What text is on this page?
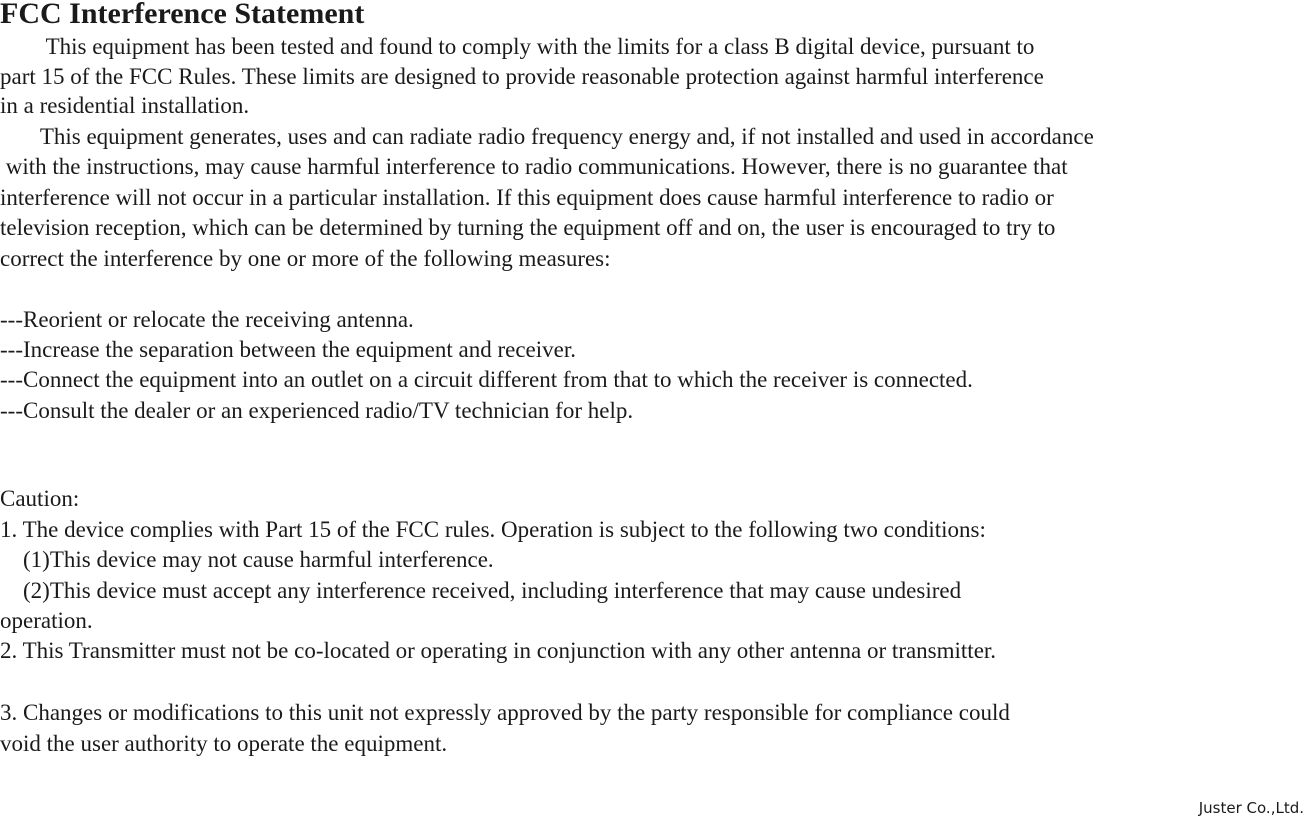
FCC Interference Statement
This equipment has been tested and found to comply with the limits for a class B digital device, pursuant to
part 15 of the FCC Rules. These limits are designed to provide reasonable protection against harmful interference
in a residential installation.
This equipment generates, uses and can radiate radio frequency energy and, if not installed and used in accordance
with the instructions, may cause harmful interference to radio communications. However, there is no guarantee that
interference will not occur in a particular installation. If this equipment does cause harmful interference to radio or
television reception, which can be determined by turning the equipment off and on, the user is encouraged to try to
correct the interference by one or more of the following measures:
---Reorient or relocate the receiving antenna.
---Increase the separation between the equipment and receiver.
---Connect the equipment into an outlet on a circuit different from that to which the receiver is connected.
---Consult the dealer or an experienced radio/TV technician for help.
Caution:
1. The device complies with Part 15 of the FCC rules. Operation is subject to the following two conditions:
(1)This device may not cause harmful interference.
(2)This device must accept any interference received, including interference that may cause undesired
operation.
2. This Transmitter must not be co-located or operating in conjunction with any other antenna or transmitter.
3. Changes or modifications to this unit not expressly approved by the party responsible for compliance could
void the user authority to operate the equipment.
Juster Co.,Ltd.
